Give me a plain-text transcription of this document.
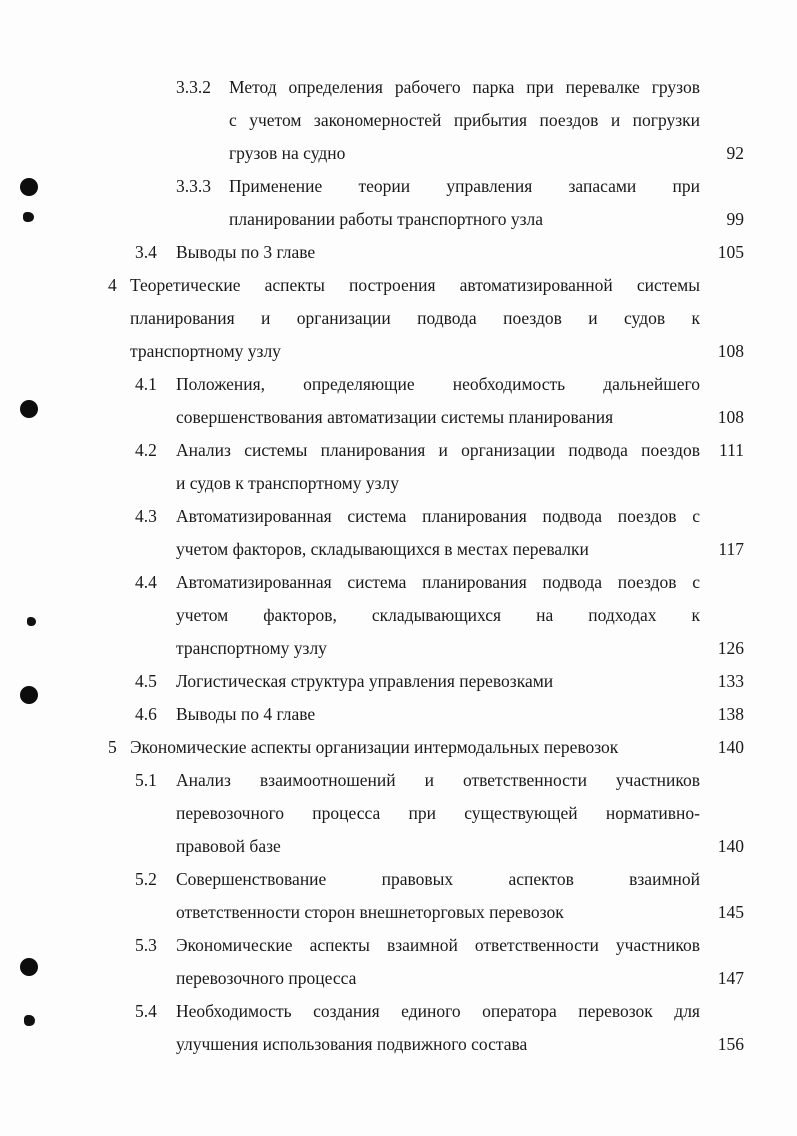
3.3.2 Метод определения рабочего парка при перевалке грузов
с учетом закономерностей прибытия поездов и погрузки
грузов на судно	92
3.3.3 Применение теории управления запасами при
планировании работы транспортного узла	99
3.4 Выводы по 3 главе	105
4 Теоретические аспекты построения автоматизированной системы
планирования и организации подвода поездов и судов к
транспортному узлу	108
4.1 Положения, определяющие необходимость дальнейшего
совершенствования автоматизации системы планирования	108
4.2 Анализ системы планирования и организации подвода поездов
и судов к транспортному узлу
111
4.3 Автоматизированная система планирования подвода поездов с
учетом факторов, складывающихся в местах перевалки	117
4.4 Автоматизированная система планирования подвода поездов с
учетом факторов, складывающихся на подходах к
транспортному узлу	126
4.5 Логистическая структура управления перевозками	133
4.6 Выводы по 4 главе	138
5 Экономические аспекты организации интермодальных перевозок	140
5.1 Анализ взаимоотношений и ответственности участников
перевозочного процесса при существующей нормативно-
правовой базе	140
5.2 Совершенствование правовых аспектов взаимной
ответственности сторон внешнеторговых перевозок	145
5.3 Экономические аспекты взаимной ответственности участников
перевозочного процесса	147
5.4 Необходимость создания единого оператора перевозок для
улучшения использования подвижного состава	156
